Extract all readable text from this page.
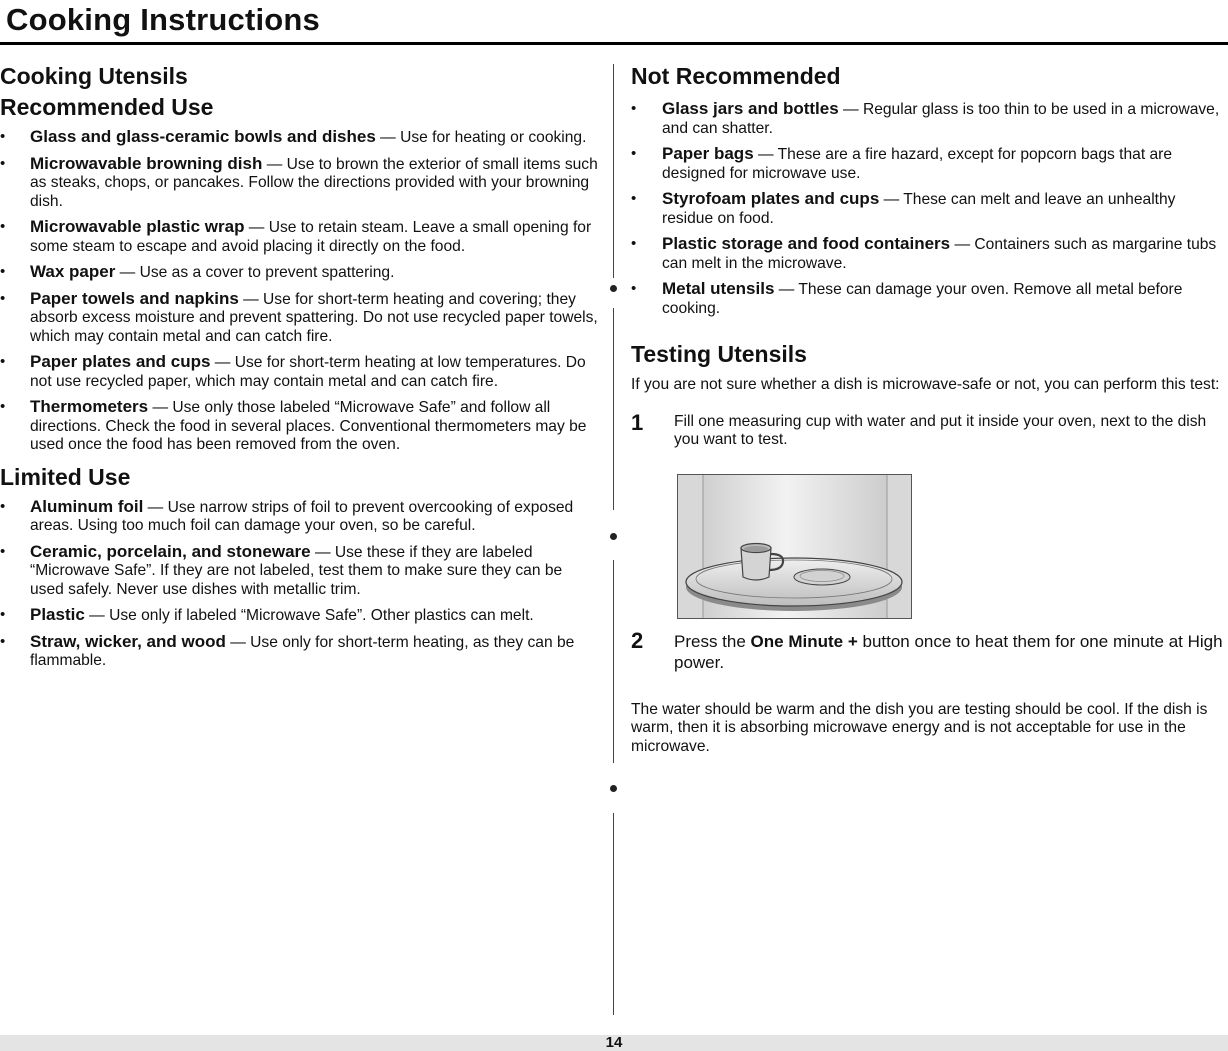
Cooking Instructions
Cooking Utensils
Recommended Use
• Glass and glass-ceramic bowls and dishes — Use for heating or cooking.
• Microwavable browning dish — Use to brown the exterior of small items such as steaks, chops, or pancakes. Follow the directions provided with your browning dish.
• Microwavable plastic wrap — Use to retain steam. Leave a small opening for some steam to escape and avoid placing it directly on the food.
• Wax paper — Use as a cover to prevent spattering.
• Paper towels and napkins — Use for short-term heating and covering; they absorb excess moisture and prevent spattering. Do not use recycled paper towels, which may contain metal and can catch fire.
• Paper plates and cups — Use for short-term heating at low temperatures. Do not use recycled paper, which may contain metal and can catch fire.
• Thermometers — Use only those labeled “Microwave Safe” and follow all directions. Check the food in several places. Conventional thermometers may be used once the food has been removed from the oven.
Limited Use
• Aluminum foil — Use narrow strips of foil to prevent overcooking of exposed areas. Using too much foil can damage your oven, so be careful.
• Ceramic, porcelain, and stoneware — Use these if they are labeled “Microwave Safe”. If they are not labeled, test them to make sure they can be used safely. Never use dishes with metallic trim.
• Plastic — Use only if labeled “Microwave Safe”. Other plastics can melt.
• Straw, wicker, and wood — Use only for short-term heating, as they can be flammable.
Not Recommended
• Glass jars and bottles — Regular glass is too thin to be used in a microwave, and can shatter.
• Paper bags — These are a fire hazard, except for popcorn bags that are designed for microwave use.
• Styrofoam plates and cups — These can melt and leave an unhealthy residue on food.
• Plastic storage and food containers — Containers such as margarine tubs can melt in the microwave.
• Metal utensils — These can damage your oven. Remove all metal before cooking.
Testing Utensils

If you are not sure whether a dish is microwave-safe or not, you can perform this test:

1 Fill one measuring cup with water and put it inside your oven, next to the dish you want to test.
2 Press the One Minute + button once to heat them for one minute at High power.

The water should be warm and the dish you are testing should be cool. If the dish is warm, then it is absorbing microwave energy and is not acceptable for use in the microwave.

14
